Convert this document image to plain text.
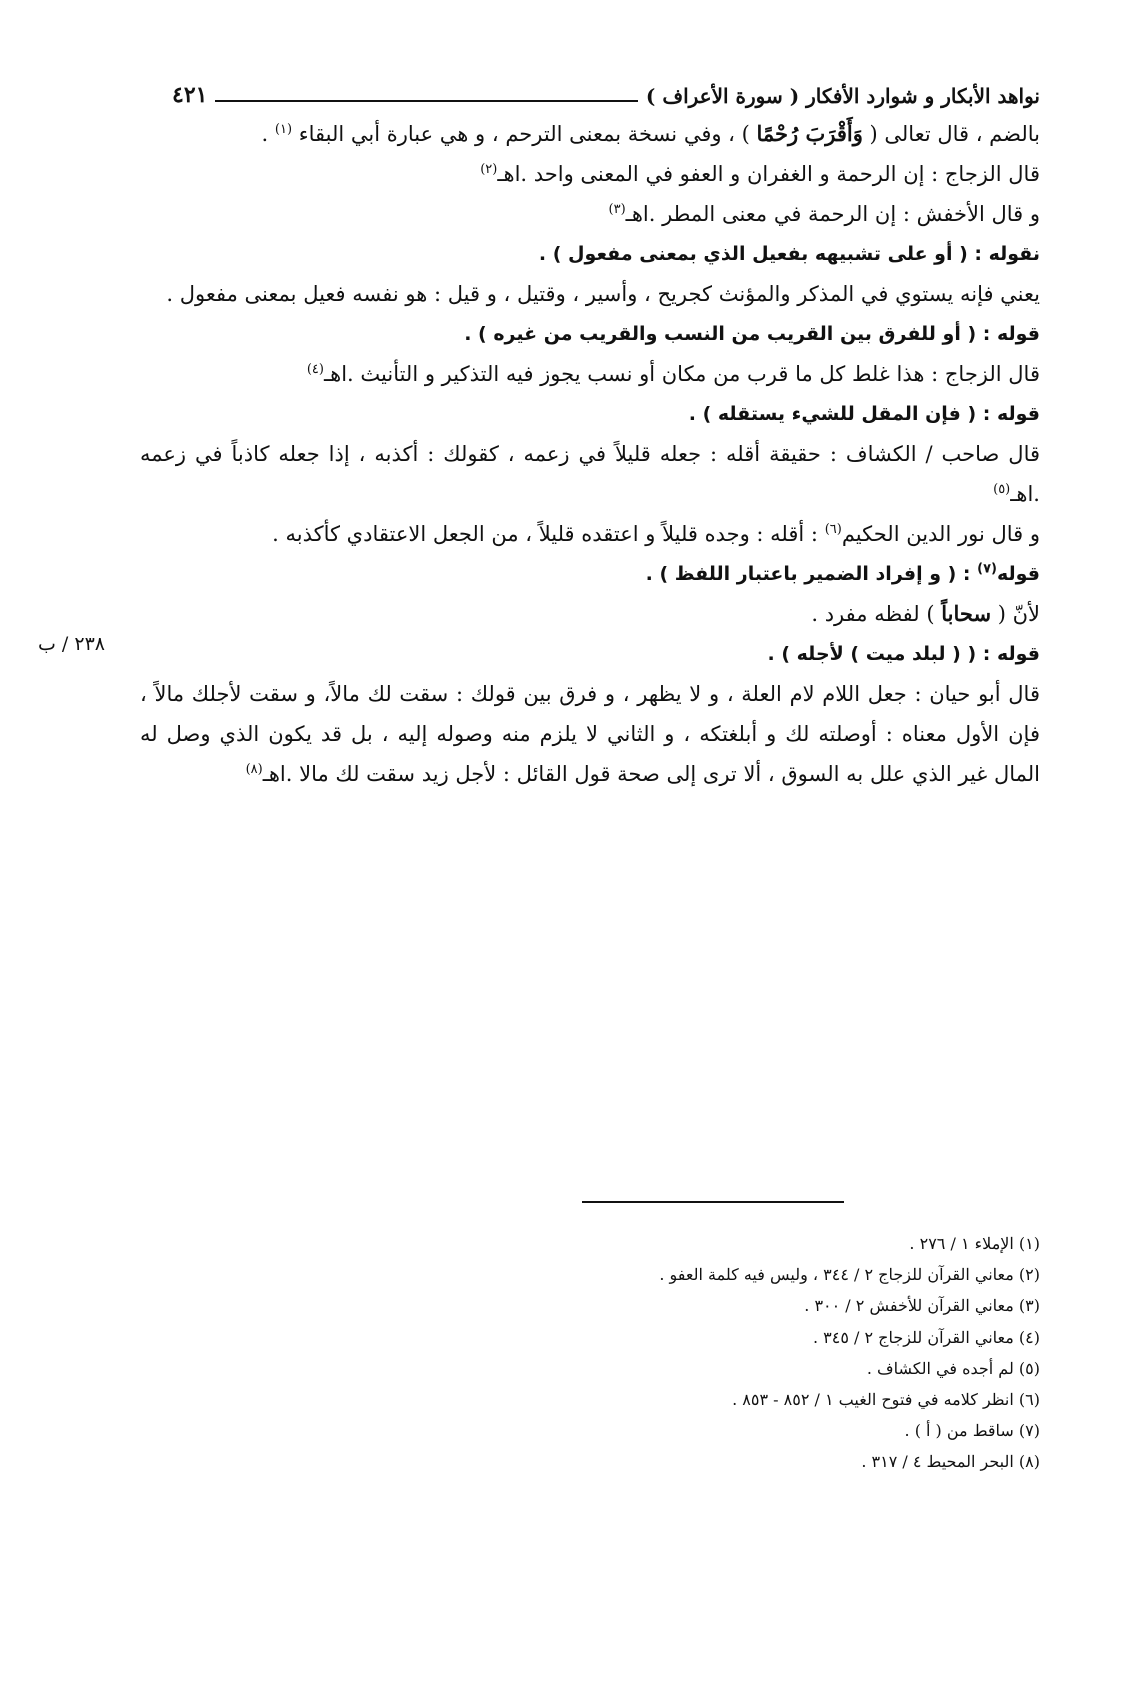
نواهد الأبكار و شوارد الأفكار ( سورة الأعراف )
٤٢١
٢٣٨ / ب

بالضم ، قال تعالى ( وَأَقْرَبَ رُحْمًا ) ، وفي نسخة بمعنى الترحم ، و هي عبارة أبي البقاء $^{(١)}$ .

قال الزجاج : إن الرحمة و الغفران و العفو في المعنى واحد .اهـ$^{(٢)}$

و قال الأخفش : إن الرحمة في معنى المطر .اهـ$^{(٣)}$

نقوله : ( أو على تشبيهه بفعيل الذي بمعنى مفعول ) .

يعني فإنه يستوي في المذكر والمؤنث كجريح ، وأسير ، وقتيل ، و قيل : هو نفسه فعيل بمعنى مفعول .

قوله : ( أو للفرق بين القريب من النسب والقريب من غيره ) .

قال الزجاج : هذا غلط كل ما قرب من مكان أو نسب يجوز فيه التذكير و التأنيث .اهـ$^{(٤)}$

قوله : ( فإن المقل للشيء يستقله ) .

قال صاحب / الكشاف : حقيقة أقله : جعله قليلاً في زعمه ، كقولك : أكذبه ، إذا جعله كاذباً في زعمه .اهـ$^{(٥)}$

و قال نور الدين الحكيم$^{(٦)}$ : أقله : وجده قليلاً و اعتقده قليلاً ، من الجعل الاعتقادي كأكذبه .

قوله$^{(٧)}$ : ( و إفراد الضمير باعتبار اللفظ ) .

لأنّ ( سحاباً ) لفظه مفرد .

قوله : ( ( لبلد ميت ) لأجله ) .

قال أبو حيان : جعل اللام لام العلة ، و لا يظهر ، و فرق بين قولك : سقت لك مالاً، و سقت لأجلك مالاً ، فإن الأول معناه : أوصلته لك و أبلغتكه ، و الثاني لا يلزم منه وصوله إليه ، بل قد يكون الذي وصل له المال غير الذي علل به السوق ، ألا ترى إلى صحة قول القائل : لأجل زيد سقت لك مالا .اهـ$^{(٨)}$

(١) الإملاء ١ / ٢٧٦ .

(٢) معاني القرآن للزجاج ٢ / ٣٤٤ ، وليس فيه كلمة العفو .

(٣) معاني القرآن للأخفش ٢ / ٣٠٠ .

(٤) معاني القرآن للزجاج ٢ / ٣٤٥ .

(٥) لم أجده في الكشاف .

(٦) انظر كلامه في فتوح الغيب ١ / ٨٥٢ - ٨٥٣ .

(٧) ساقط من ( أ ) .

(٨) البحر المحيط ٤ / ٣١٧ .
